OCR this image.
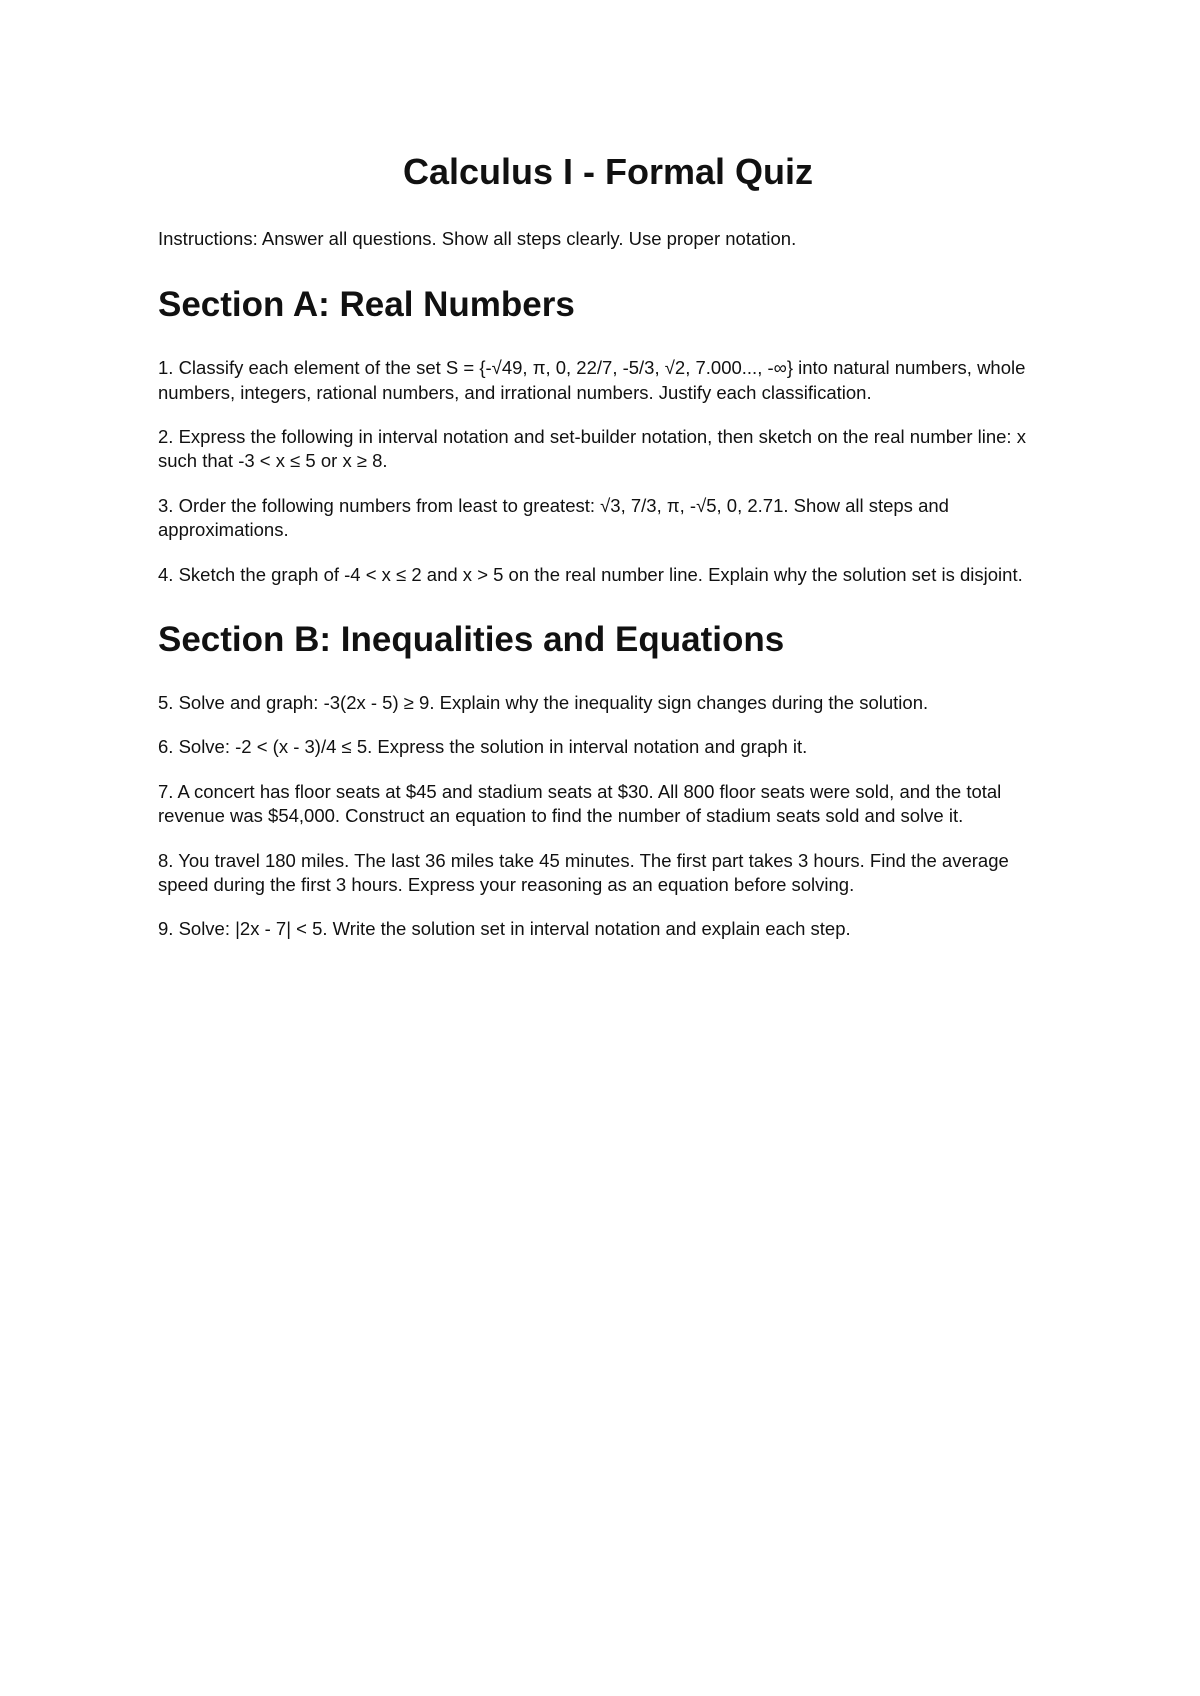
Calculus I - Formal Quiz

Instructions: Answer all questions. Show all steps clearly. Use proper notation.

Section A: Real Numbers
1. Classify each element of the set S = {-√49, π, 0, 22/7, -5/3, √2, 7.000..., -∞} into natural numbers, whole numbers, integers, rational numbers, and irrational numbers. Justify each classification.
2. Express the following in interval notation and set-builder notation, then sketch on the real number line: x such that -3 < x ≤ 5 or x ≥ 8.
3. Order the following numbers from least to greatest: √3, 7/3, π, -√5, 0, 2.71. Show all steps and approximations.
4. Sketch the graph of -4 < x ≤ 2 and x > 5 on the real number line. Explain why the solution set is disjoint.
Section B: Inequalities and Equations
5. Solve and graph: -3(2x - 5) ≥ 9. Explain why the inequality sign changes during the solution.
6. Solve: -2 < (x - 3)/4 ≤ 5. Express the solution in interval notation and graph it.
7. A concert has floor seats at $45 and stadium seats at $30. All 800 floor seats were sold, and the total revenue was $54,000. Construct an equation to find the number of stadium seats sold and solve it.
8. You travel 180 miles. The last 36 miles take 45 minutes. The first part takes 3 hours. Find the average speed during the first 3 hours. Express your reasoning as an equation before solving.
9. Solve: |2x - 7| < 5. Write the solution set in interval notation and explain each step.
